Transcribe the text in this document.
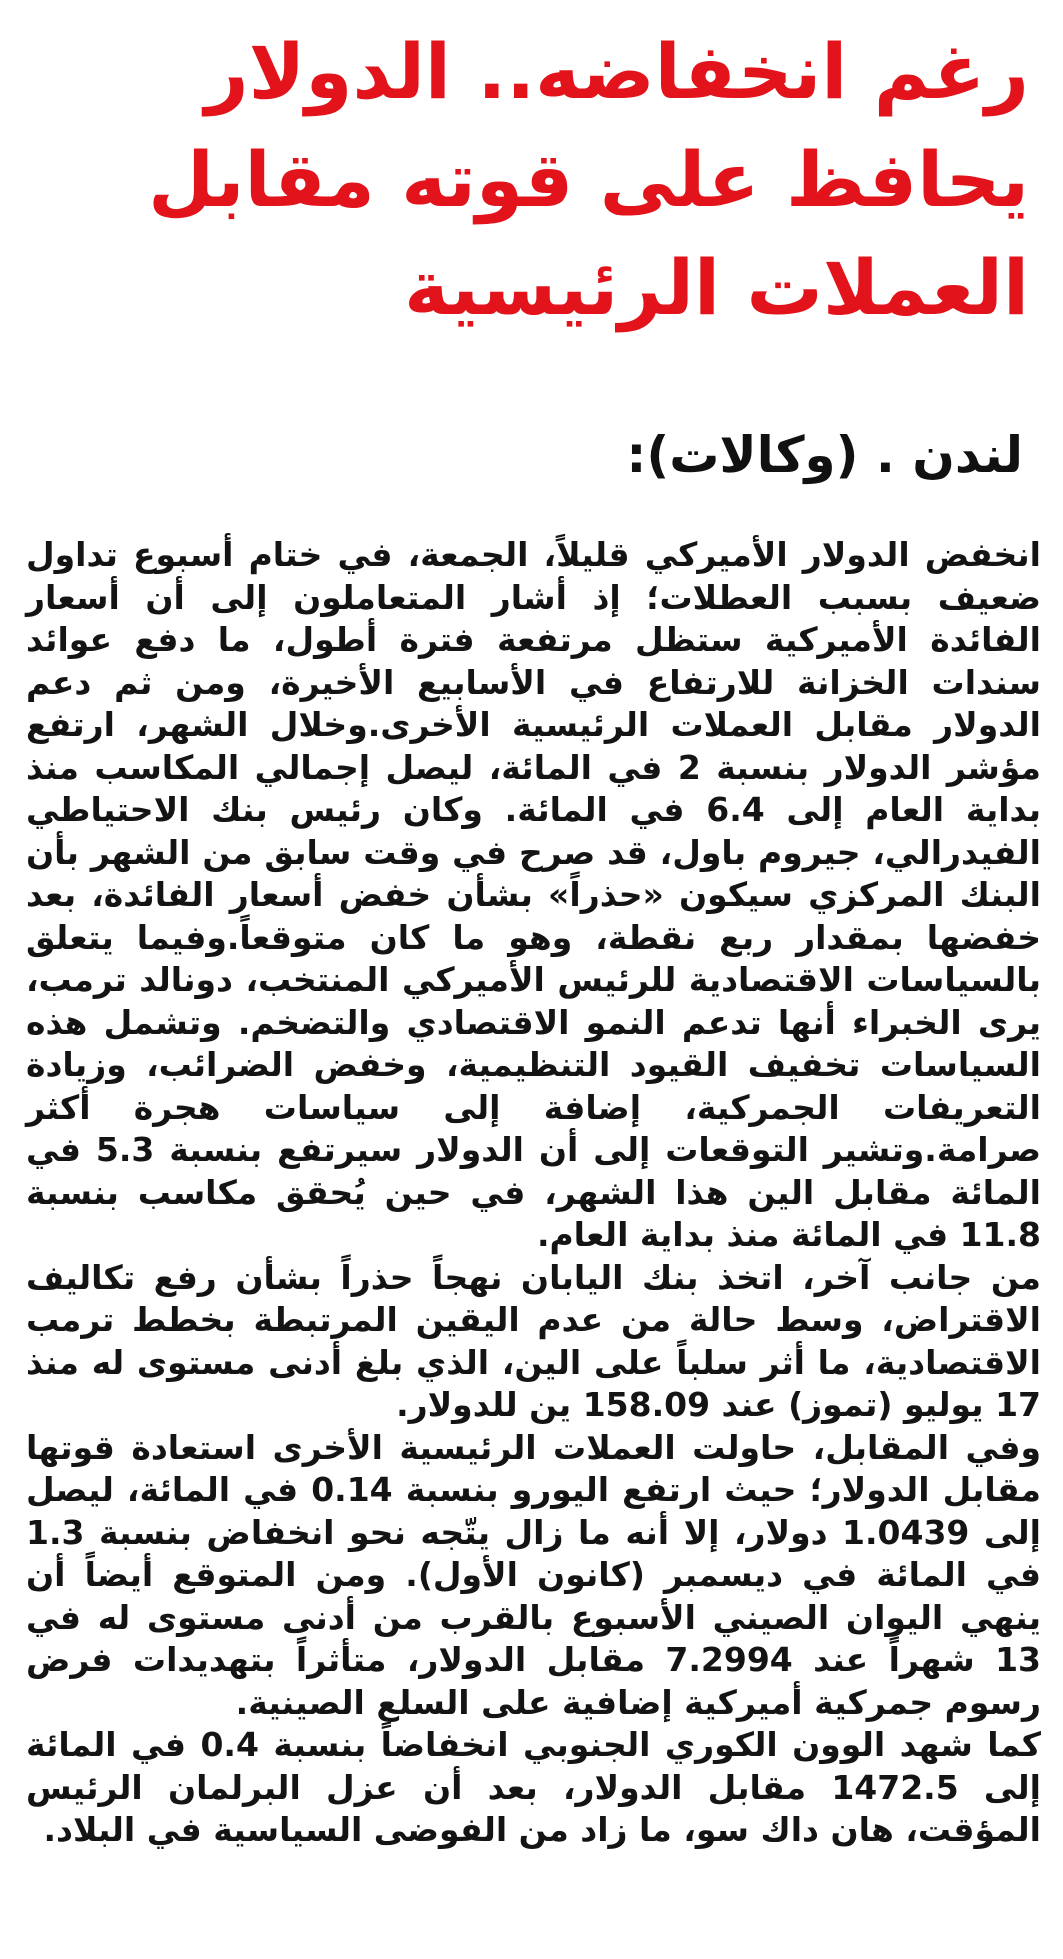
رغم انخفاضه.. الدولار يحافظ على قوته مقابل العملات الرئيسية
لندن . (وكالات):

انخفض الدولار الأميركي قليلاً، الجمعة، في ختام أسبوع تداول ضعيف بسبب العطلات؛ إذ أشار المتعاملون إلى أن أسعار الفائدة الأميركية ستظل مرتفعة فترة أطول، ما دفع عوائد سندات الخزانة للارتفاع في الأسابيع الأخيرة، ومن ثم دعم الدولار مقابل العملات الرئيسية الأخرى.وخلال الشهر، ارتفع مؤشر الدولار بنسبة 2 في المائة، ليصل إجمالي المكاسب منذ بداية العام إلى 6.4 في المائة. وكان رئيس بنك الاحتياطي الفيدرالي، جيروم باول، قد صرح في وقت سابق من الشهر بأن البنك المركزي سيكون «حذراً» بشأن خفض أسعار الفائدة، بعد خفضها بمقدار ربع نقطة، وهو ما كان متوقعاً.وفيما يتعلق بالسياسات الاقتصادية للرئيس الأميركي المنتخب، دونالد ترمب، يرى الخبراء أنها تدعم النمو الاقتصادي والتضخم. وتشمل هذه السياسات تخفيف القيود التنظيمية، وخفض الضرائب، وزيادة التعريفات الجمركية، إضافة إلى سياسات هجرة أكثر صرامة.وتشير التوقعات إلى أن الدولار سيرتفع بنسبة 5.3 في المائة مقابل الين هذا الشهر، في حين يُحقق مكاسب بنسبة 11.8 في المائة منذ بداية العام.

من جانب آخر، اتخذ بنك اليابان نهجاً حذراً بشأن رفع تكاليف الاقتراض، وسط حالة من عدم اليقين المرتبطة بخطط ترمب الاقتصادية، ما أثر سلباً على الين، الذي بلغ أدنى مستوى له منذ 17 يوليو (تموز) عند 158.09 ين للدولار.

وفي المقابل، حاولت العملات الرئيسية الأخرى استعادة قوتها مقابل الدولار؛ حيث ارتفع اليورو بنسبة 0.14 في المائة، ليصل إلى 1.0439 دولار، إلا أنه ما زال يتّجه نحو انخفاض بنسبة 1.3 في المائة في ديسمبر (كانون الأول). ومن المتوقع أيضاً أن ينهي اليوان الصيني الأسبوع بالقرب من أدنى مستوى له في 13 شهراً عند 7.2994 مقابل الدولار، متأثراً بتهديدات فرض رسوم جمركية أميركية إضافية على السلع الصينية.

كما شهد الوون الكوري الجنوبي انخفاضاً بنسبة 0.4 في المائة إلى 1472.5 مقابل الدولار، بعد أن عزل البرلمان الرئيس المؤقت، هان داك سو، ما زاد من الفوضى السياسية في البلاد.
